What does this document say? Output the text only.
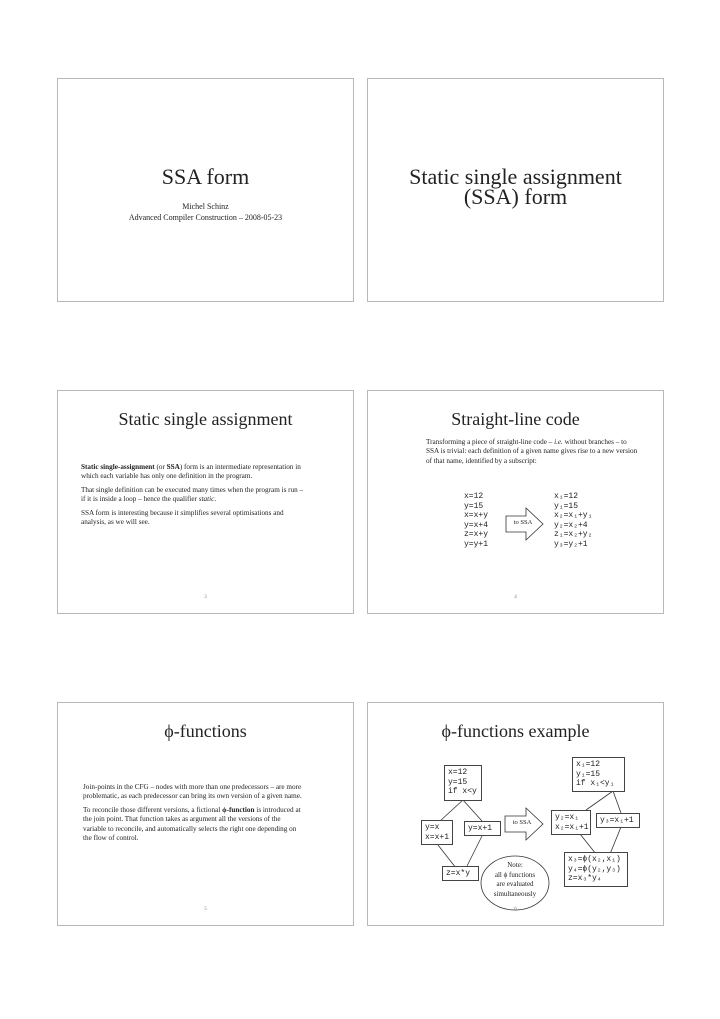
SSA form
Michel Schinz
Advanced Compiler Construction – 2008-05-23
Static single assignment
(SSA) form
Static single assignment

Static single-assignment (or SSA) form is an intermediate representation in which each variable has only one definition in the program.

That single definition can be executed many times when the program is run – if it is inside a loop – hence the qualifier static.

SSA form is interesting because it simplifies several optimisations and analysis, as we will see.

3
Straight-line code
Transforming a piece of straight-line code – i.e. without branches – to SSA is trivial: each definition of a given name gives rise to a new version of that name, identified by a subscript:
x=12
y=15
x=x+y
y=x+4
z=x+y
y=y+1
to SSA
x₁=12
y₁=15
x₂=x₁+y₁
y₂=x₂+4
z₁=x₂+y₂
y₃=y₂+1
4
ϕ-functions

Join-points in the CFG – nodes with more than one predecessors – are more problematic, as each predecessor can bring its own version of a given name.

To reconcile those different versions, a fictional ϕ-function is introduced at the join point. That function takes as argument all the versions of the variable to reconcile, and automatically selects the right one depending on the flow of control.

5
ϕ-functions example
x=12
y=15
if x<y
y=x
x=x+1
y=x+1
z=x*y
to SSA
x₁=12
y₁=15
if x₁<y₁
y₂=x₁
x₂=x₁+1
y₃=x₁+1
x₃=ϕ(x₂,x₁)
y₄=ϕ(y₂,y₃)
z=x₃*y₄
Note:
all ϕ functions
are evaluated
simultaneously
6
